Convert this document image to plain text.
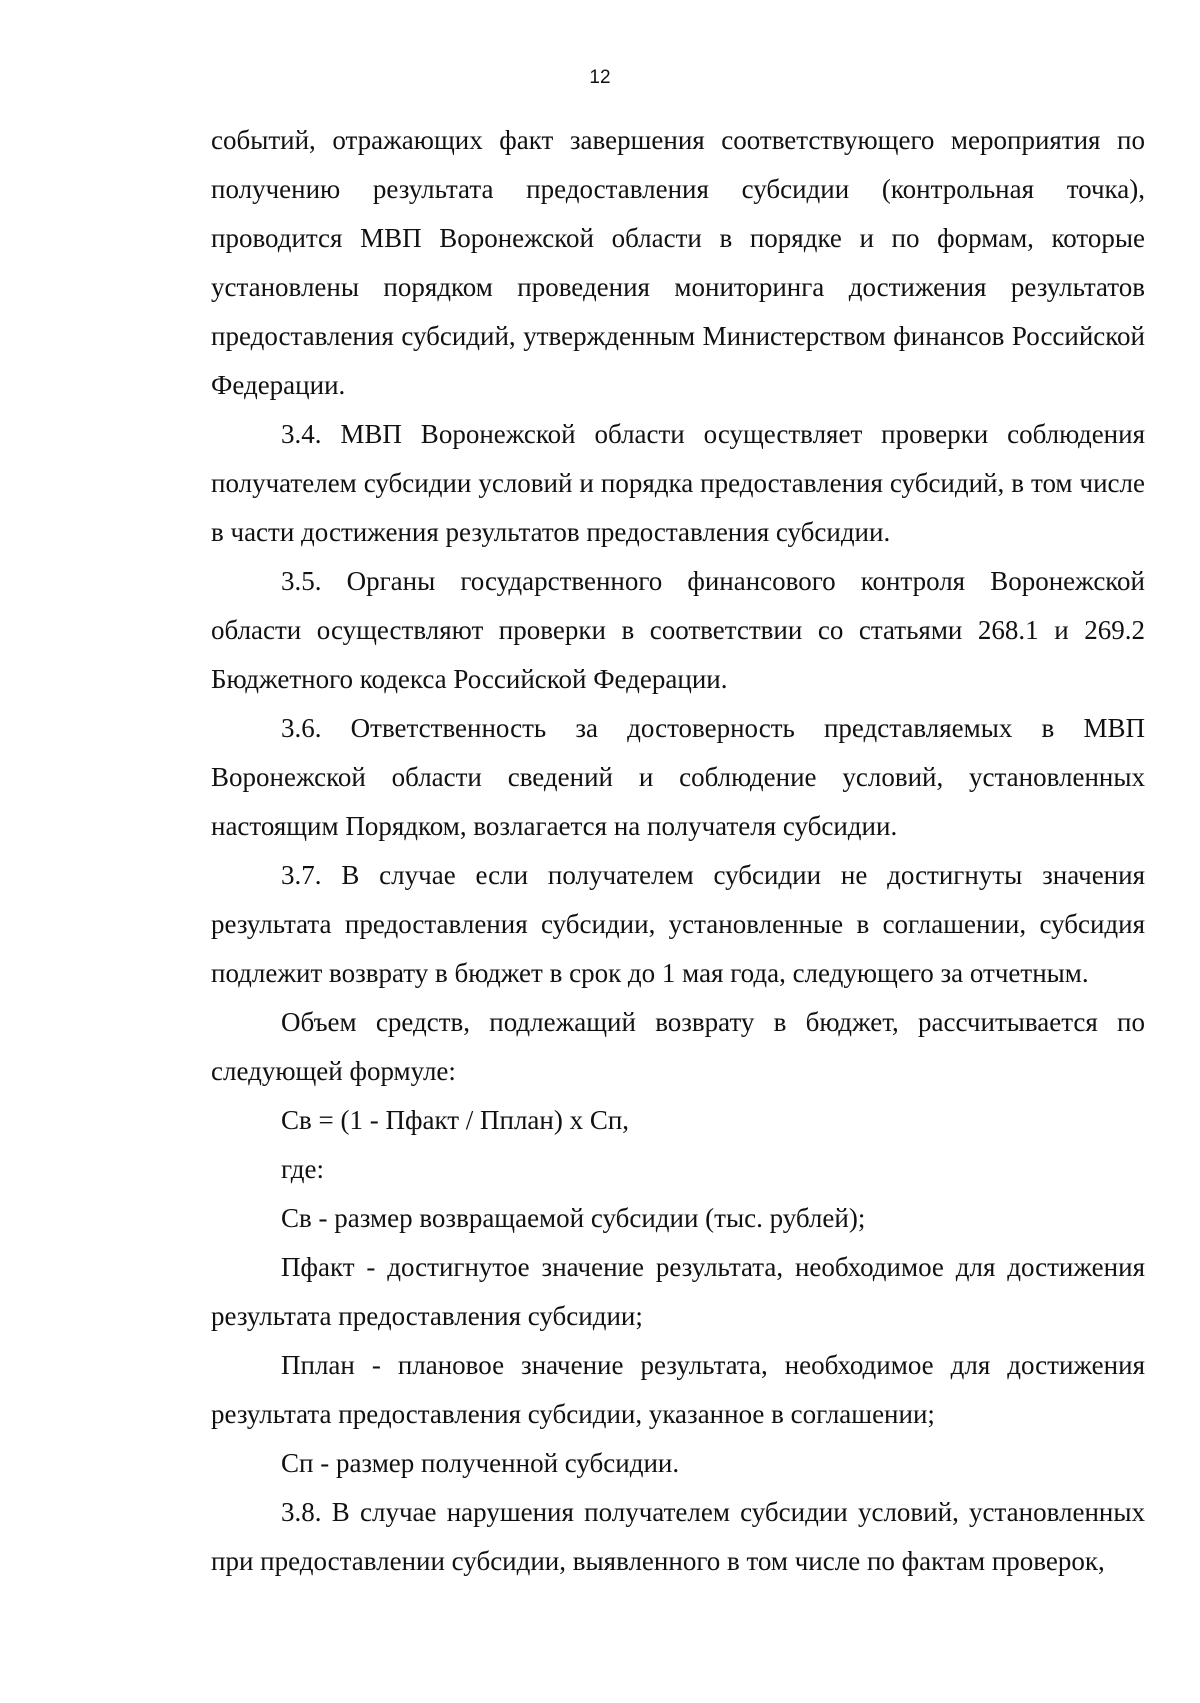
12

событий, отражающих факт завершения соответствующего мероприятия по получению результата предоставления субсидии (контрольная точка), проводится МВП Воронежской области в порядке и по формам, которые установлены порядком проведения мониторинга достижения результатов предоставления субсидий, утвержденным Министерством финансов Российской Федерации.

3.4. МВП Воронежской области осуществляет проверки соблюдения получателем субсидии условий и порядка предоставления субсидий, в том числе в части достижения результатов предоставления субсидии.

3.5. Органы государственного финансового контроля Воронежской области осуществляют проверки в соответствии со статьями 268.1 и 269.2 Бюджетного кодекса Российской Федерации.

3.6. Ответственность за достоверность представляемых в МВП Воронежской области сведений и соблюдение условий, установленных настоящим Порядком, возлагается на получателя субсидии.

3.7. В случае если получателем субсидии не достигнуты значения результата предоставления субсидии, установленные в соглашении, субсидия подлежит возврату в бюджет в срок до 1 мая года, следующего за отчетным.

Объем средств, подлежащий возврату в бюджет, рассчитывается по следующей формуле:

Св = (1 - Пфакт / Пплан) x Сп,

где:

Св - размер возвращаемой субсидии (тыс. рублей);

Пфакт - достигнутое значение результата, необходимое для достижения результата предоставления субсидии;

Пплан - плановое значение результата, необходимое для достижения результата предоставления субсидии, указанное в соглашении;

Сп - размер полученной субсидии.

3.8. В случае нарушения получателем субсидии условий, установленных при предоставлении субсидии, выявленного в том числе по фактам проверок,
